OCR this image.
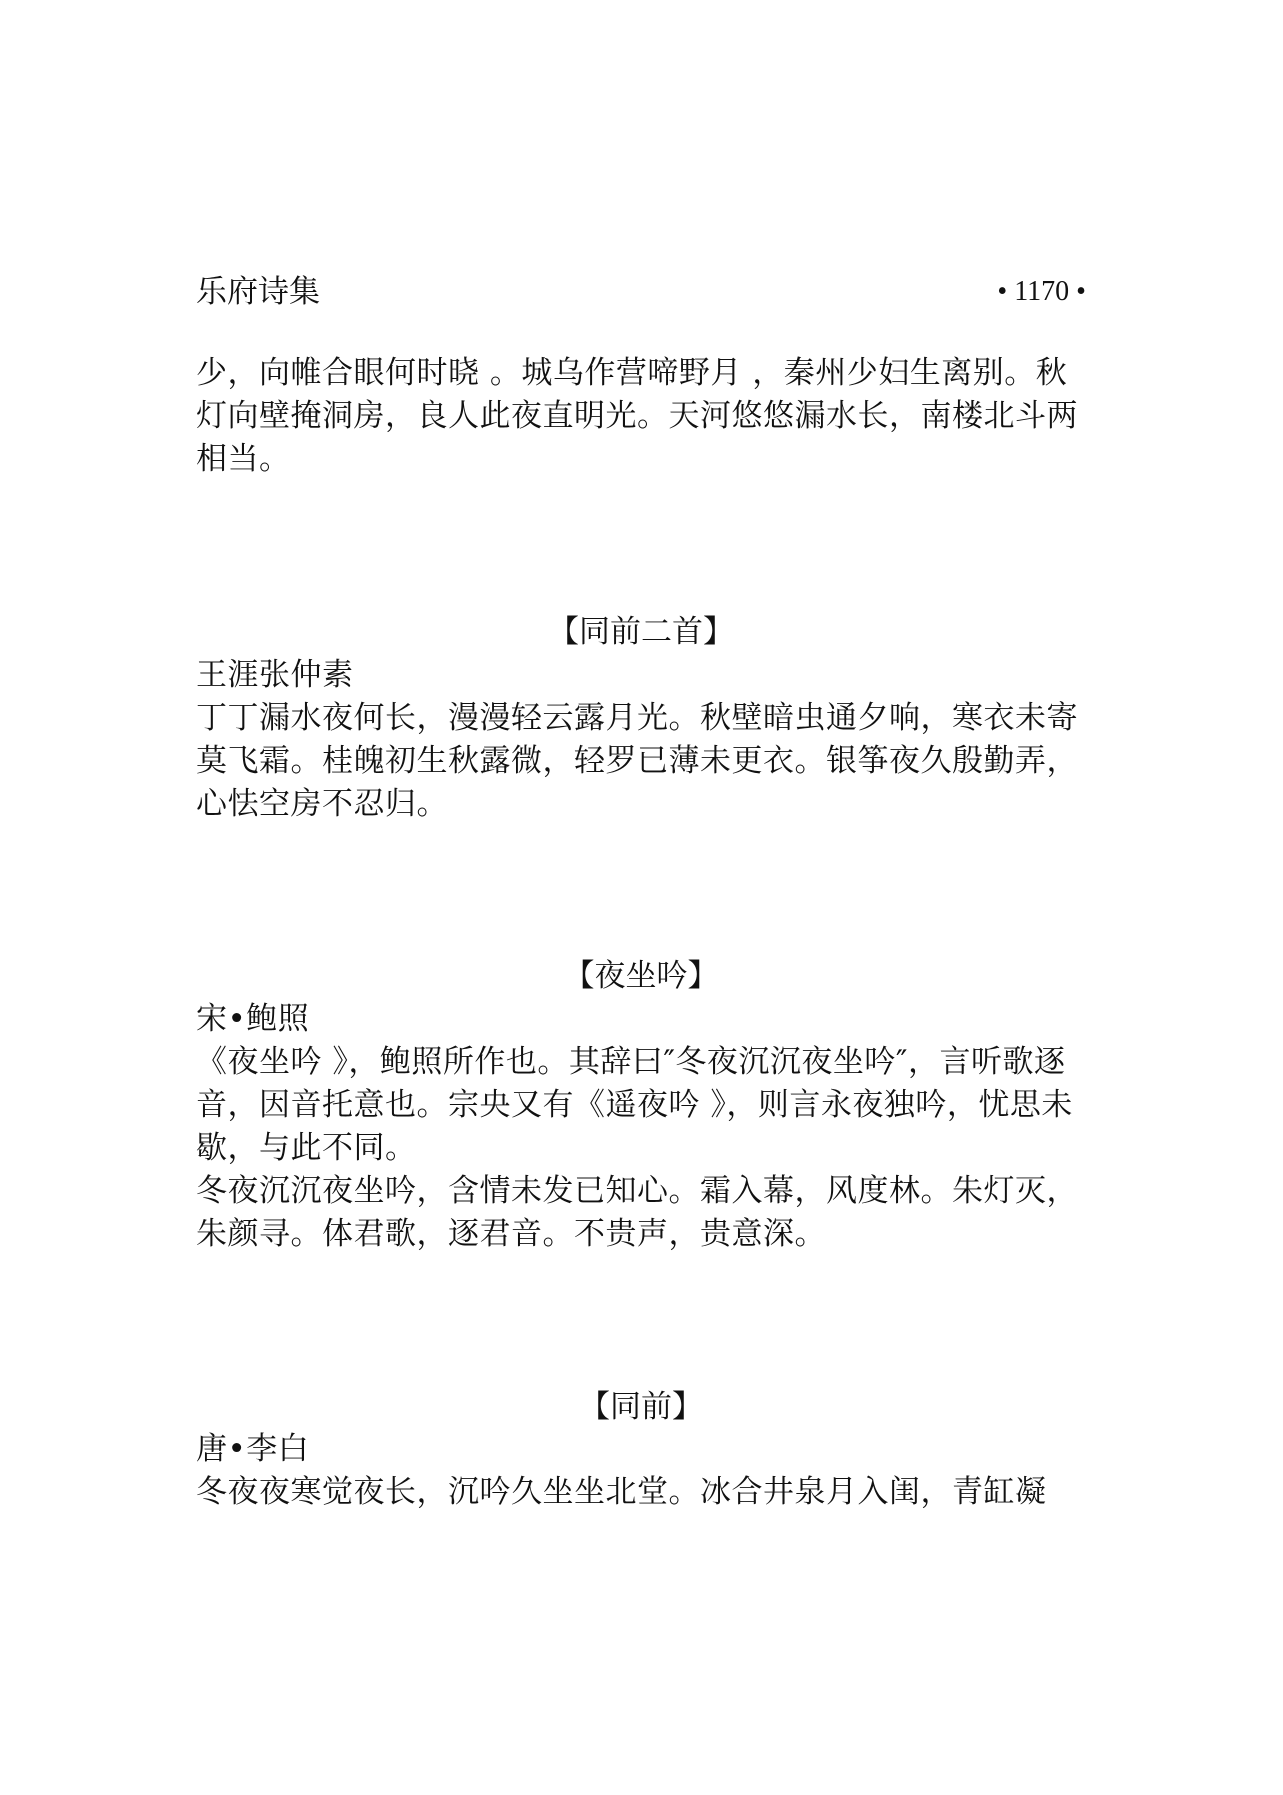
乐府诗集	• 1170 •

少，向帷合眼何时晓 。城乌作营啼野月 ，秦州少妇生离别。秋灯向壁掩洞房，良人此夜直明光。天河悠悠漏水长，南楼北斗两相当。

【同前二首】

王涯张仲素

丁丁漏水夜何长，漫漫轻云露月光。秋壁暗虫通夕响，寒衣未寄莫飞霜。桂魄初生秋露微，轻罗已薄未更衣。银筝夜久殷勤弄，心怯空房不忍归。

【夜坐吟】

宋•鲍照

《夜坐吟 》，鲍照所作也。其辞曰″冬夜沉沉夜坐吟″，言听歌逐音，因音托意也。宗央又有《遥夜吟 》，则言永夜独吟，忧思未歇，与此不同。

冬夜沉沉夜坐吟，含情未发已知心。霜入幕，风度林。朱灯灭，朱颜寻。体君歌，逐君音。不贵声，贵意深。

【同前】

唐•李白

冬夜夜寒觉夜长，沉吟久坐坐北堂。冰合井泉月入闺，青缸凝
